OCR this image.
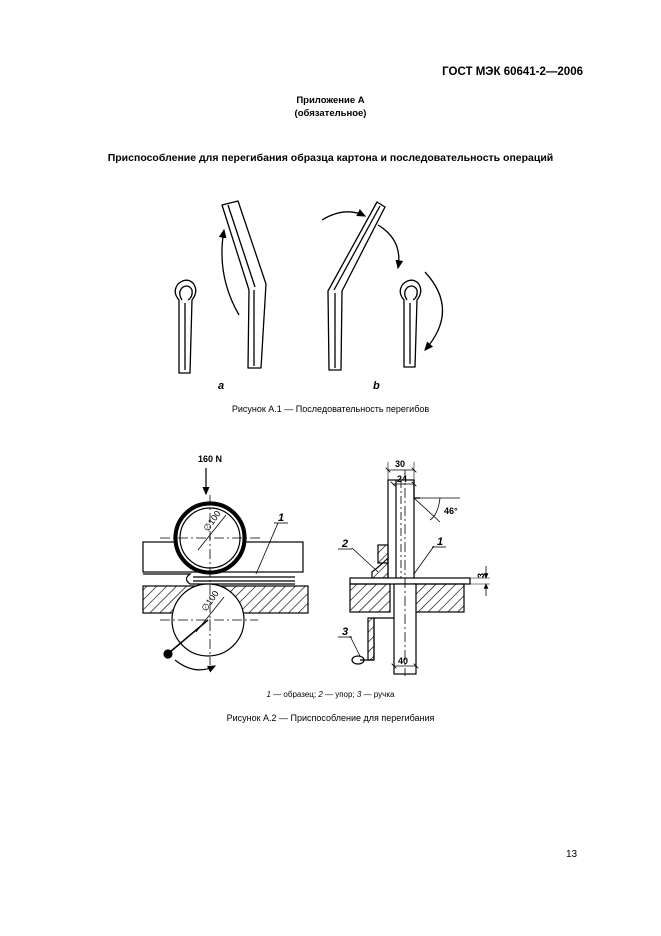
ГОСТ МЭК 60641-2—2006
Приложение А
(обязательное)
Приспособление для перегибания образца картона и последовательность операций
а	b
Рисунок А.1 — Последовательность перегибов
160 N
∅100
∅100
1
30
24
46°
3
40
2	1
3
1 — образец; 2 — упор; 3 — ручка
Рисунок А.2 — Приспособление для перегибания
13
